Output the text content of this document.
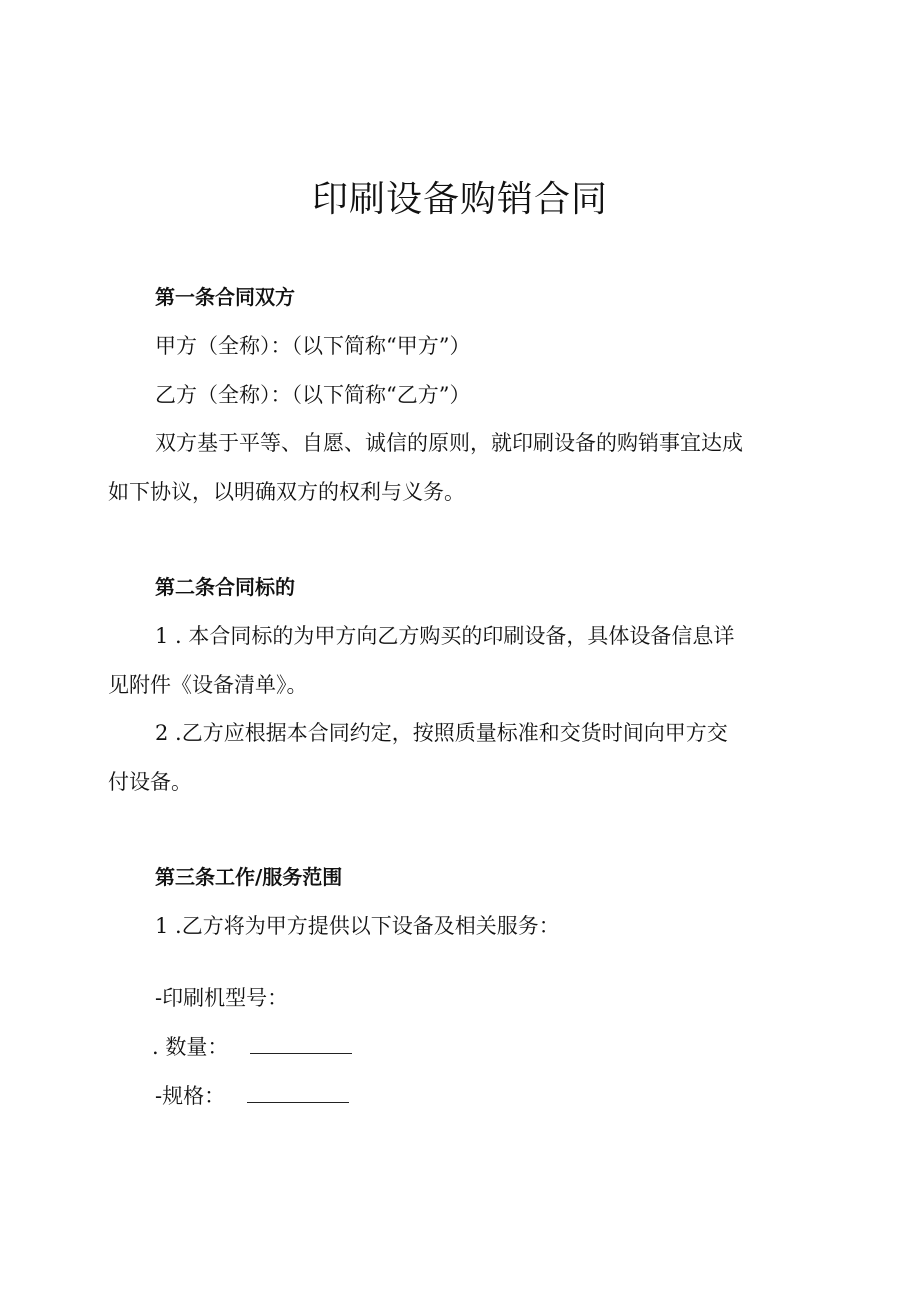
印刷设备购销合同
第一条合同双方
甲方（全称）：（以下简称“甲方”）
乙方（全称）：（以下简称“乙方”）
双方基于平等、自愿、诚信的原则，就印刷设备的购销事宜达成
如下协议，以明确双方的权利与义务。
第二条合同标的
1 . 本合同标的为甲方向乙方购买的印刷设备，具体设备信息详
见附件《设备清单》。
2 .乙方应根据本合同约定，按照质量标准和交货时间向甲方交
付设备。
第三条工作/服务范围
1 .乙方将为甲方提供以下设备及相关服务：
-印刷机型号：
. 数量：
-规格：
